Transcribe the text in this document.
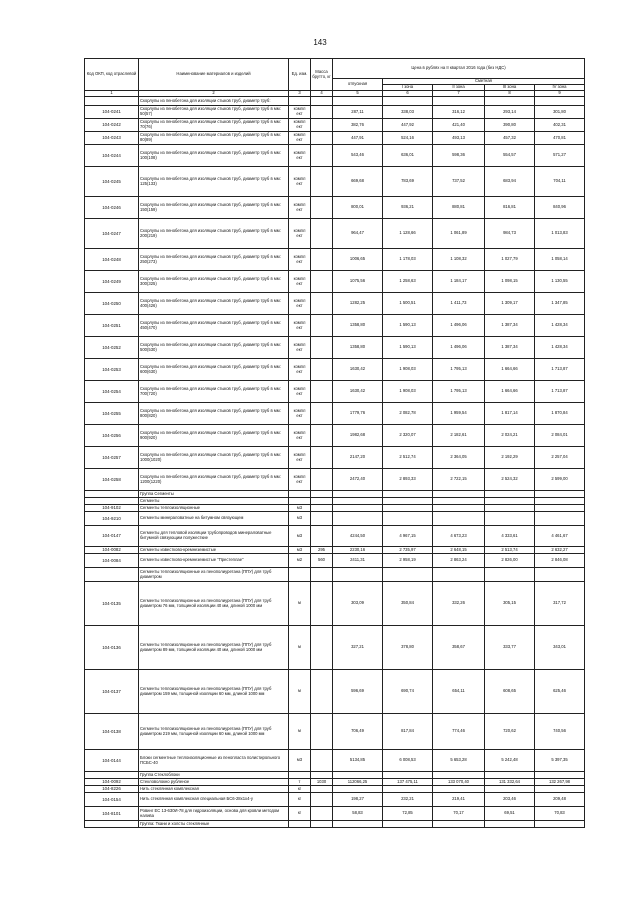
143
Код ОКП, код отраслевой	Наименование материалов и изделий	Ед. изм.	Масса брутто, кг	Цена в рублях на II квартал 2016 года (без НДС)				
				отпускная	Сметная			
					I зона	II зона	III зона	IV зона
1	2	3	4	5	6	7	8	9
	Скорлупы из пенобетона для изоляции стыков труб, диаметр труб:							
104-0241	Скорлупы из пенобетона для изоляции стыков труб, диаметр труб в мм: 50(57)	компл ект		287,11	338,03	316,12	293,14	301,80
104-0242	Скорлупы из пенобетона для изоляции стыков труб, диаметр труб в мм: 70(76)	компл ект		382,76	447,92	421,40	390,80	402,31
104-0243	Скорлупы из пенобетона для изоляции стыков труб, диаметр труб в мм: 80(89)	компл ект		447,91	524,16	493,13	457,32	470,81
104-0244	Скорлупы из пенобетона для изоляции стыков труб, диаметр труб в мм: 100(108)	компл ект		543,46	636,01	598,36	554,57	571,27
104-0245	Скорлупы из пенобетона для изоляции стыков труб, диаметр труб в мм: 125(133)	компл ект		669,68	783,69	737,52	683,94	704,11
104-0246	Скорлупы из пенобетона для изоляции стыков труб, диаметр труб в мм: 150(159)	компл ект		800,01	936,21	880,81	816,81	840,96
104-0247	Скорлупы из пенобетона для изоляции стыков труб, диаметр труб в мм: 200(219)	компл ект		964,47	1 128,66	1 061,89	984,73	1 013,83
104-0248	Скорлупы из пенобетона для изоляции стыков труб, диаметр труб в мм: 250(273)	компл ект		1006,65	1 178,03	1 108,32	1 027,79	1 058,14
104-0249	Скорлупы из пенобетона для изоляции стыков труб, диаметр труб в мм: 300(325)	компл ект		1075,56	1 258,63	1 184,17	1 098,15	1 130,55
104-0250	Скорлупы из пенобетона для изоляции стыков труб, диаметр труб в мм: 400(426)	компл ект		1282,25	1 500,51	1 411,73	1 309,17	1 347,85
104-0251	Скорлупы из пенобетона для изоляции стыков труб, диаметр труб в мм: 450(470)	компл ект		1358,80	1 590,13	1 496,06	1 387,34	1 428,34
104-0252	Скорлупы из пенобетона для изоляции стыков труб, диаметр труб в мм: 500(530)	компл ект		1358,80	1 590,13	1 496,06	1 387,34	1 428,34
104-0253	Скорлупы из пенобетона для изоляции стыков труб, диаметр труб в мм: 600(630)	компл ект		1630,42	1 908,03	1 795,13	1 664,66	1 713,87
104-0254	Скорлупы из пенобетона для изоляции стыков труб, диаметр труб в мм: 700(720)	компл ект		1630,42	1 908,03	1 795,13	1 664,66	1 713,87
104-0255	Скорлупы из пенобетона для изоляции стыков труб, диаметр труб в мм: 800(820)	компл ект		1779,76	2 082,78	1 959,54	1 817,14	1 870,84
104-0256	Скорлупы из пенобетона для изоляции стыков труб, диаметр труб в мм: 900(920)	компл ект		1982,68	2 320,07	2 182,61	2 024,21	2 084,01
104-0257	Скорлупы из пенобетона для изоляции стыков труб, диаметр труб в мм: 1000(1020)	компл ект		2147,20	2 512,74	2 364,05	2 192,29	2 257,04
104-0258	Скорлупы из пенобетона для изоляции стыков труб, диаметр труб в мм: 1200(1220)	компл ект		2472,40	2 893,33	2 722,15	2 524,32	2 599,00
	Группа Сегменты							
	Сегменты							
104-9102	Сегменты теплоизоляционные	м3						
104-9210	Сегменты минераловатные на битумном связующем	м3						
104-0147	Сегменты для тепловой изоляции трубопроводов минераловатные битумной связующим полужесткие	м3		4244,50	4 967,15	4 673,23	4 333,61	4 461,67
104-0082	Сегменты известково-кремнеземистые	м3	295	2230,16	2 735,97	2 648,15	2 513,74	2 632,27
104-0084	Сегменты известково-кремнеземистые "Престеплае"	м2	560	2411,31	2 958,19	2 863,24	2 826,00	2 846,08
	Сегменты теплоизоляционные из пенополиуретана (ППУ) для труб диаметром							
104-0135	Сегменты теплоизоляционные из пенополиуретана (ППУ) для труб диаметром 76 мм, толщиной изоляции 40 мм, длиной 1000 мм	м		303,09	350,84	332,26	305,15	317,72
104-0136	Сегменты теплоизоляционные из пенополиуретана (ППУ) для труб диаметром 89 мм, толщиной изоляции 40 мм, длиной 1000 мм	м		327,21	378,80	358,67	333,77	343,01
104-0137	Сегменты теплоизоляционные из пенополиуретана (ППУ) для труб диаметром 159 мм, толщиной изоляции 60 мм, длиной 1000 мм	м		596,69	690,74	654,11	608,65	625,46
104-0138	Сегменты теплоизоляционные из пенополиуретана (ППУ) для труб диаметром 219 мм, толщиной изоляции 60 мм, длиной 1000 мм	м		706,49	817,84	774,46	720,62	740,56
104-0144	Блоки сегментные теплоизоляционные из пенопласта полистирольного ПСБС-40	м3		5134,85	6 008,53	5 653,28	5 242,48	5 397,35
	Группа Стеклоблоки							
104-0092	Стекловолокно рубленое	т	1030	112066,25	137 475,11	133 070,40	131 332,64	132 267,98
104-8226	Нить стеклянная комплексная	кг						
104-0154	Нить стеклянная комплексная специальная БС6-28х1х4-у	кг		198,27	232,21	219,41	203,46	209,48
104-8101	Ровинг ЕС 13-630И-78 для гидроизоляции, основа для кровли методом налива	кг		58,83	72,85	70,17	69,51	70,83
	Группа: Ткани и холсты стеклянные							
